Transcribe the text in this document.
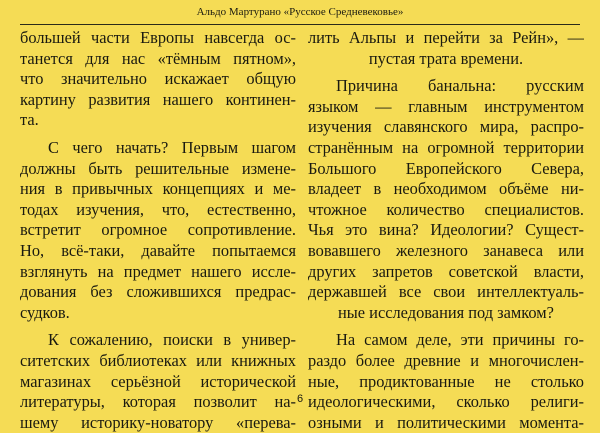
Альдо Мартурано «Русское Средневековье»
большей части Европы навсегда ос-
танется для нас «тёмным пятном»,
что значительно искажает общую
картину развития нашего континен-
та.
С чего начать? Первым шагом
должны быть решительные измене-
ния в привычных концепциях и ме-
тодах изучения, что, естественно,
встретит огромное сопротивление.
Но, всё-таки, давайте попытаемся
взглянуть на предмет нашего иссле-
дования без сложившихся предрас-
судков.
К сожалению, поиски в универ-
ситетских библиотеках или книжных
магазинах серьёзной исторической
литературы, которая позволит на-
шему историку-новатору «перева-
лить Альпы и перейти за Рейн», —
пустая трата времени.
Причина банальна: русским
языком — главным инструментом
изучения славянского мира, распро-
странённым на огромной территории
Большого Европейского Севера,
владеет в необходимом объёме ни-
чтожное количество специалистов.
Чья это вина? Идеологии? Сущест-
вовавшего железного занавеса или
других запретов советской власти,
державшей все свои интеллектуаль-
ные исследования под замком?
На самом деле, эти причины го-
раздо более древние и многочислен-
ные, продиктованные не столько
идеологическими, сколько религи-
озными и политическими момента-
6
